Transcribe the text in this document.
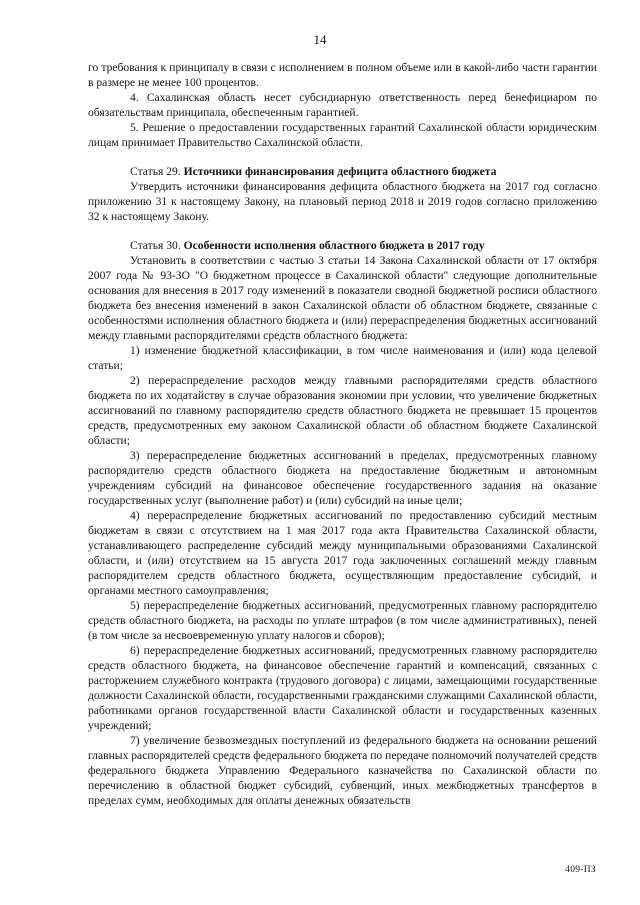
14

го требования к принципалу в связи с исполнением в полном объеме или в какой-либо части гарантии в размере не менее 100 процентов.

4. Сахалинская область несет субсидиарную ответственность перед бенефициаром по обязательствам принципала, обеспеченным гарантией.

5. Решение о предоставлении государственных гарантий Сахалинской области юридическим лицам принимает Правительство Сахалинской области.

Статья 29. Источники финансирования дефицита областного бюджета

Утвердить источники финансирования дефицита областного бюджета на 2017 год согласно приложению 31 к настоящему Закону, на плановый период 2018 и 2019 годов согласно приложению 32 к настоящему Закону.

Статья 30. Особенности исполнения областного бюджета в 2017 году

Установить в соответствии с частью 3 статьи 14 Закона Сахалинской области от 17 октября 2007 года № 93-ЗО "О бюджетном процессе в Сахалинской области" следующие дополнительные основания для внесения в 2017 году изменений в показатели сводной бюджетной росписи областного бюджета без внесения изменений в закон Сахалинской области об областном бюджете, связанные с особенностями исполнения областного бюджета и (или) перераспределения бюджетных ассигнований между главными распорядителями средств областного бюджета:

1) изменение бюджетной классификации, в том числе наименования и (или) кода целевой статьи;

2) перераспределение расходов между главными распорядителями средств областного бюджета по их ходатайству в случае образования экономии при условии, что увеличение бюджетных ассигнований по главному распорядителю средств областного бюджета не превышает 15 процентов средств, предусмотренных ему законом Сахалинской области об областном бюджете Сахалинской области;

3) перераспределение бюджетных ассигнований в пределах, предусмотренных главному распорядителю средств областного бюджета на предоставление бюджетным и автономным учреждениям субсидий на финансовое обеспечение государственного задания на оказание государственных услуг (выполнение работ) и (или) субсидий на иные цели;

4) перераспределение бюджетных ассигнований по предоставлению субсидий местным бюджетам в связи с отсутствием на 1 мая 2017 года акта Правительства Сахалинской области, устанавливающего распределение субсидий между муниципальными образованиями Сахалинской области, и (или) отсутствием на 15 августа 2017 года заключенных соглашений между главным распорядителем средств областного бюджета, осуществляющим предоставление субсидий, и органами местного самоуправления;

5) перераспределение бюджетных ассигнований, предусмотренных главному распорядителю средств областного бюджета, на расходы по уплате штрафов (в том числе административных), пеней (в том числе за несвоевременную уплату налогов и сборов);

6) перераспределение бюджетных ассигнований, предусмотренных главному распорядителю средств областного бюджета, на финансовое обеспечение гарантий и компенсаций, связанных с расторжением служебного контракта (трудового договора) с лицами, замещающими государственные должности Сахалинской области, государственными гражданскими служащими Сахалинской области, работниками органов государственной власти Сахалинской области и государственных казенных учреждений;

7) увеличение безвозмездных поступлений из федерального бюджета на основании решений главных распорядителей средств федерального бюджета по передаче полномочий получателей средств федерального бюджета Управлению Федерального казначейства по Сахалинской области по перечислению в областной бюджет субсидий, субвенций, иных межбюджетных трансфертов в пределах сумм, необходимых для оплаты денежных обязательств

409-ПЗ
